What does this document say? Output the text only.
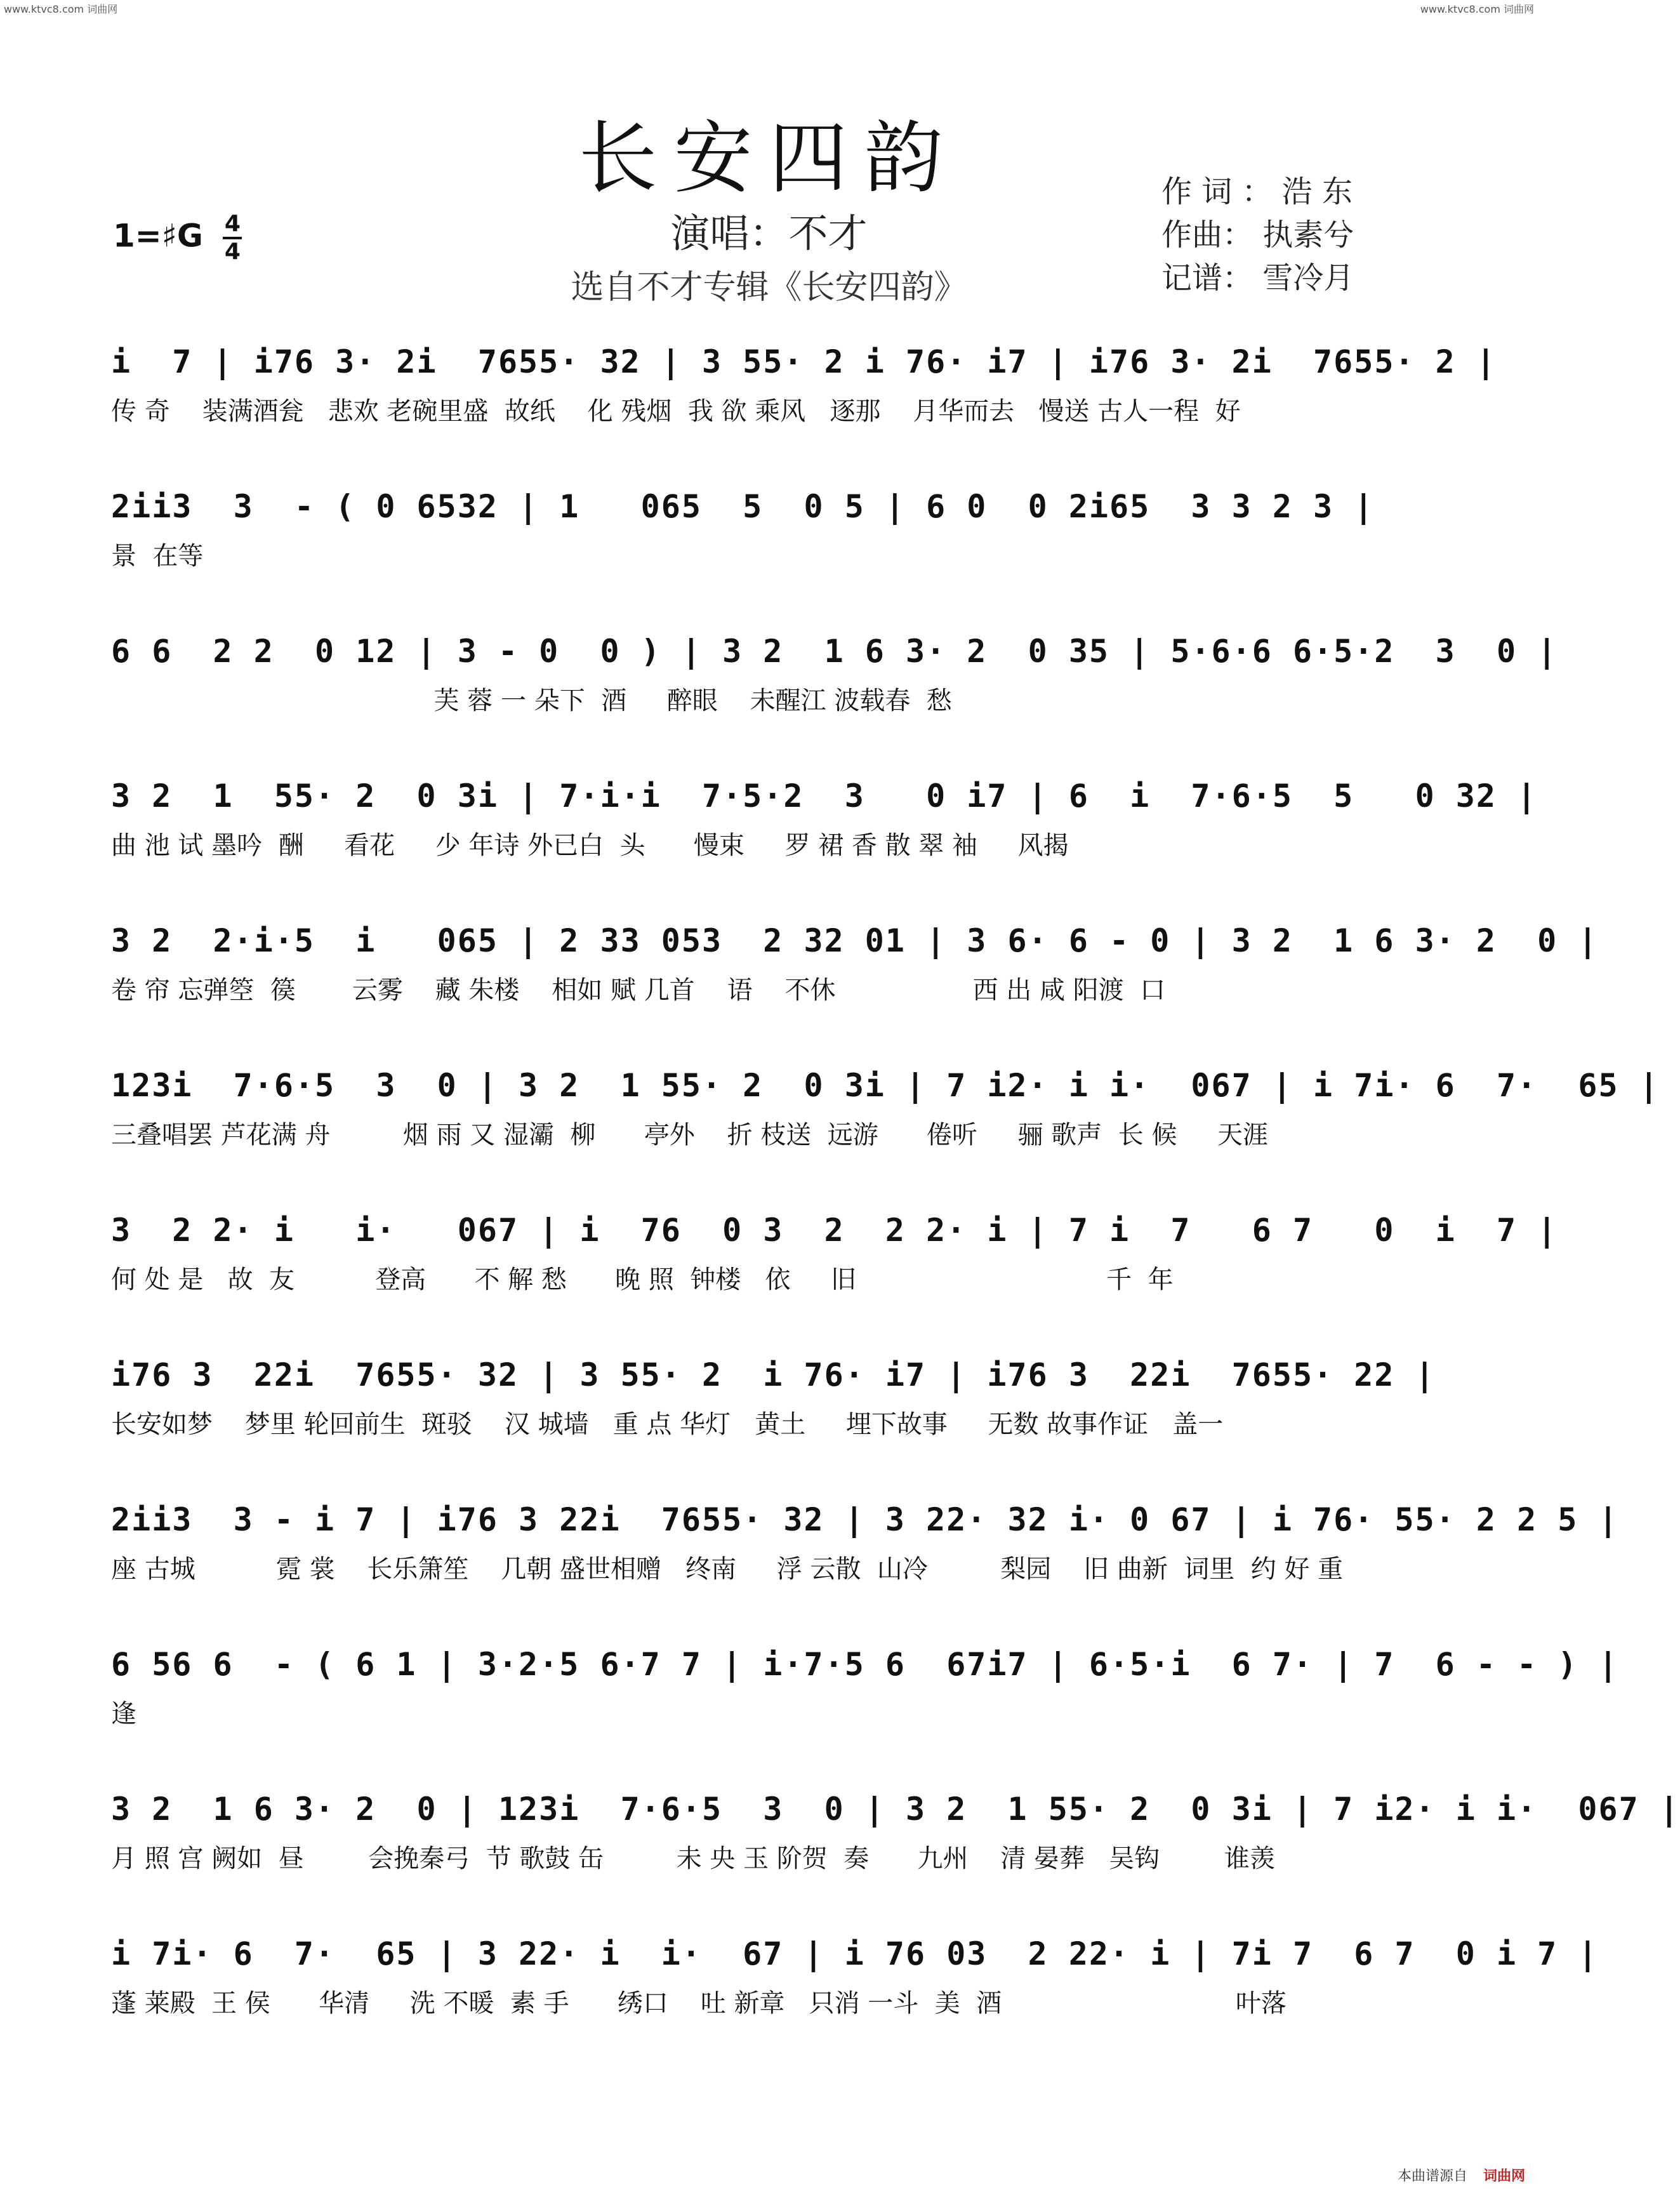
www.ktvc8.com 词曲网	www.ktvc8.com 词曲网
长安四韵
演唱：不才
选自不才专辑《长安四韵》
1=♯G $\frac{4}{4}$
作 词 ： 浩 东
作曲： 执素兮
记谱： 雪冷月
i  7 | i76 3· 2i  7655· 32 | 3 55· 2 i 76· i7 | i76 3· 2i  7655· 2 |
传 奇    装满酒瓮   悲欢 老碗里盛  故纸    化 残烟  我 欲 乘风   逐那    月华而去   慢送 古人一程  好
2ii3  3  - ( 0 6532 | 1   065  5  0 5 | 6 0  0 2i65  3 3 2 3 |
景  在等
6 6  2 2  0 12 | 3 - 0  0 ) | 3 2  1 6 3· 2  0 35 | 5·6·6 6·5·2  3  0 |
芙 蓉 一 朵下  酒     醉眼    未醒江 波载春  愁
3 2  1  55· 2  0 3i | 7·i·i  7·5·2  3   0 i7 | 6  i  7·6·5  5   0 32 |
曲 池 试 墨吟  酬     看花     少 年诗 外已白  头      慢束     罗 裙 香 散 翠 袖     风揭
3 2  2·i·5  i   065 | 2 33 053  2 32 01 | 3 6· 6 - 0 | 3 2  1 6 3· 2  0 |
卷 帘 忘弹箜  篌       云雾    藏 朱楼    相如 赋 几首    语    不休                 西 出 咸 阳渡  口
123i  7·6·5  3  0 | 3 2  1 55· 2  0 3i | 7 i2· i i·  067 | i 7i· 6  7·  65 |
三叠唱罢 芦花满 舟         烟 雨 又 湿灞  柳      亭外    折 枝送  远游      倦听     骊 歌声  长 候     天涯
3  2 2· i   i·   067 | i  76  0 3  2  2 2· i | 7 i  7   6 7   0  i  7 |
何 处 是   故  友          登高      不 解 愁      晚 照  钟楼   依     旧                               千  年
i76 3  22i  7655· 32 | 3 55· 2  i 76· i7 | i76 3  22i  7655· 22 |
长安如梦    梦里 轮回前生  斑驳    汉 城墙   重 点 华灯   黄土     埋下故事     无数 故事作证   盖一
2ii3  3 - i 7 | i76 3 22i  7655· 32 | 3 22· 32 i· 0 67 | i 76· 55· 2 2 5 |
座 古城          霓 裳    长乐箫笙    几朝 盛世相赠   终南     浮 云散  山冷         梨园    旧 曲新  词里  约 好 重
6 56 6  - ( 6 1 | 3·2·5 6·7 7 | i·7·5 6  67i7 | 6·5·i  6 7· | 7  6 - - ) |
逢
3 2  1 6 3· 2  0 | 123i  7·6·5  3  0 | 3 2  1 55· 2  0 3i | 7 i2· i i·  067 |
月 照 宫 阙如  昼        会挽秦弓  节 歌鼓 缶         未 央 玉 阶贺  奏      九州    清 晏葬   吴钩        谁羡
i 7i· 6  7·  65 | 3 22· i  i·  67 | i 76 03  2 22· i | 7i 7  6 7  0 i 7 |
蓬 莱殿  王 侯      华清     洗 不暖  素 手      绣口    吐 新章   只消 一斗  美  酒                             叶落
本曲谱源自 词曲网
